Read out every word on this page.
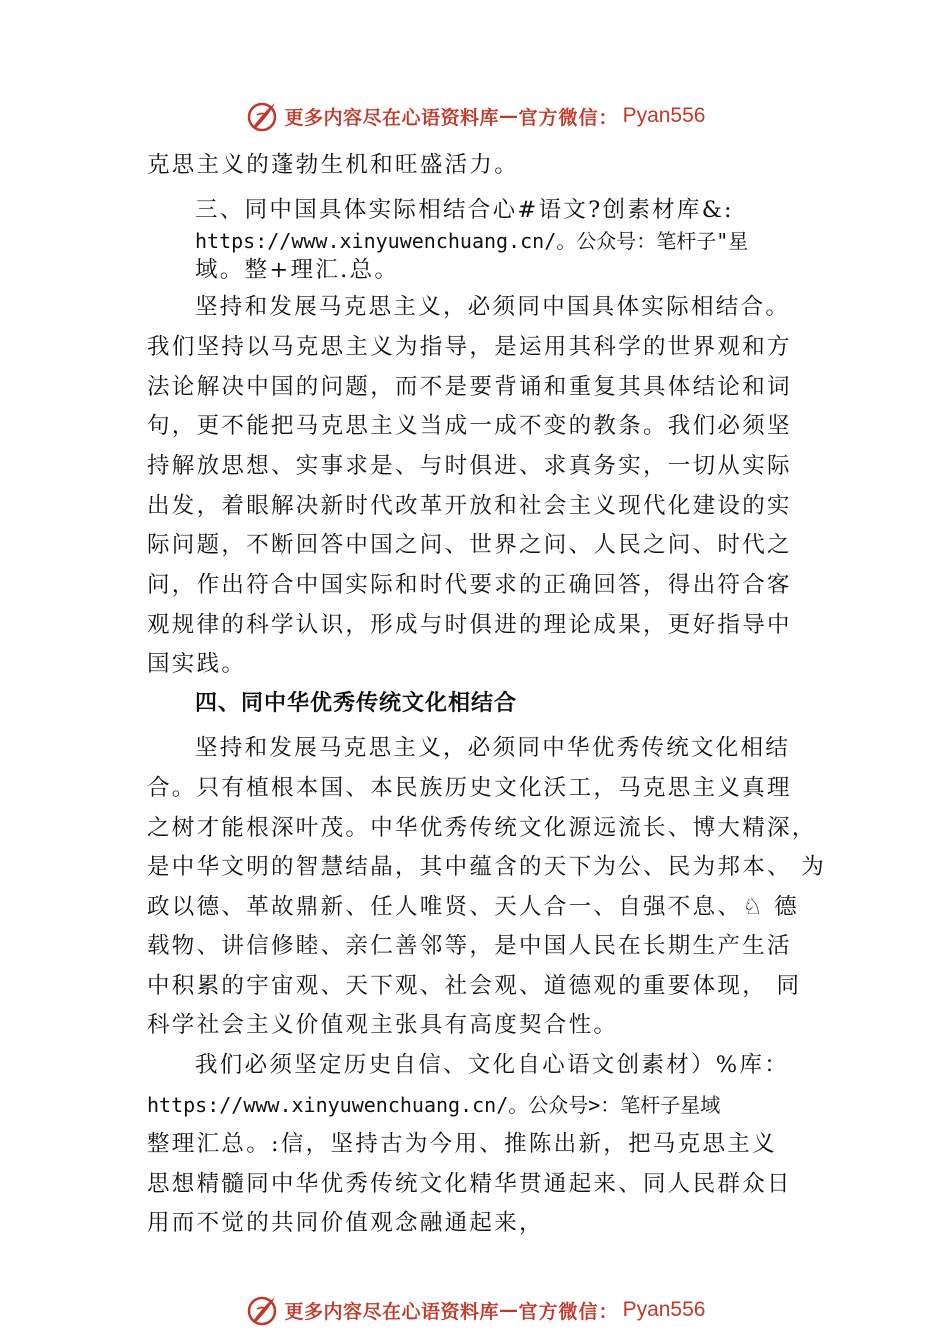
更多内容尽在心语资料库 — 官方微信： Pyan556
克思主义的蓬勃生机和旺盛活力。
三、同中国具体实际相结合心#语文?创素材库&:
https://www.xinyuwenchuang.cn/。公众号：笔杆子"星
域。整+理汇.总。
坚持和发展马克思主义，必须同中国具体实际相结合。
我们坚持以马克思主义为指导，是运用其科学的世界观和方
法论解决中国的问题，而不是要背诵和重复其具体结论和词
句，更不能把马克思主义当成一成不变的教条。我们必须坚
持解放思想、实事求是、与时俱进、求真务实，一切从实际
出发，着眼解决新时代改革开放和社会主义现代化建设的实
际问题，不断回答中国之问、世界之问、人民之问、时代之
问，作出符合中国实际和时代要求的正确回答，得出符合客
观规律的科学认识，形成与时俱进的理论成果，更好指导中
国实践。
四、同中华优秀传统文化相结合
坚持和发展马克思主义，必须同中华优秀传统文化相结
合。只有植根本国、本民族历史文化沃工，马克思主义真理
之树才能根深叶茂。中华优秀传统文化源远流长、博大精深，
是中华文明的智慧结晶，其中蕴含的天下为公、民为邦本、 为
政以德、革故鼎新、任人唯贤、天人合一、自强不息、♘ 德
载物、讲信修睦、亲仁善邻等，是中国人民在长期生产生活
中积累的宇宙观、天下观、社会观、道德观的重要体现， 同
科学社会主义价值观主张具有高度契合性。
我们必须坚定历史自信、文化自心语文创素材）%库：
https://www.xinyuwenchuang.cn/。公众号>：笔杆子星域
整理汇总。:信，坚持古为今用、推陈出新，把马克思主义
思想精髓同中华优秀传统文化精华贯通起来、同人民群众日
用而不觉的共同价值观念融通起来，
更多内容尽在心语资料库 — 官方微信： Pyan556
